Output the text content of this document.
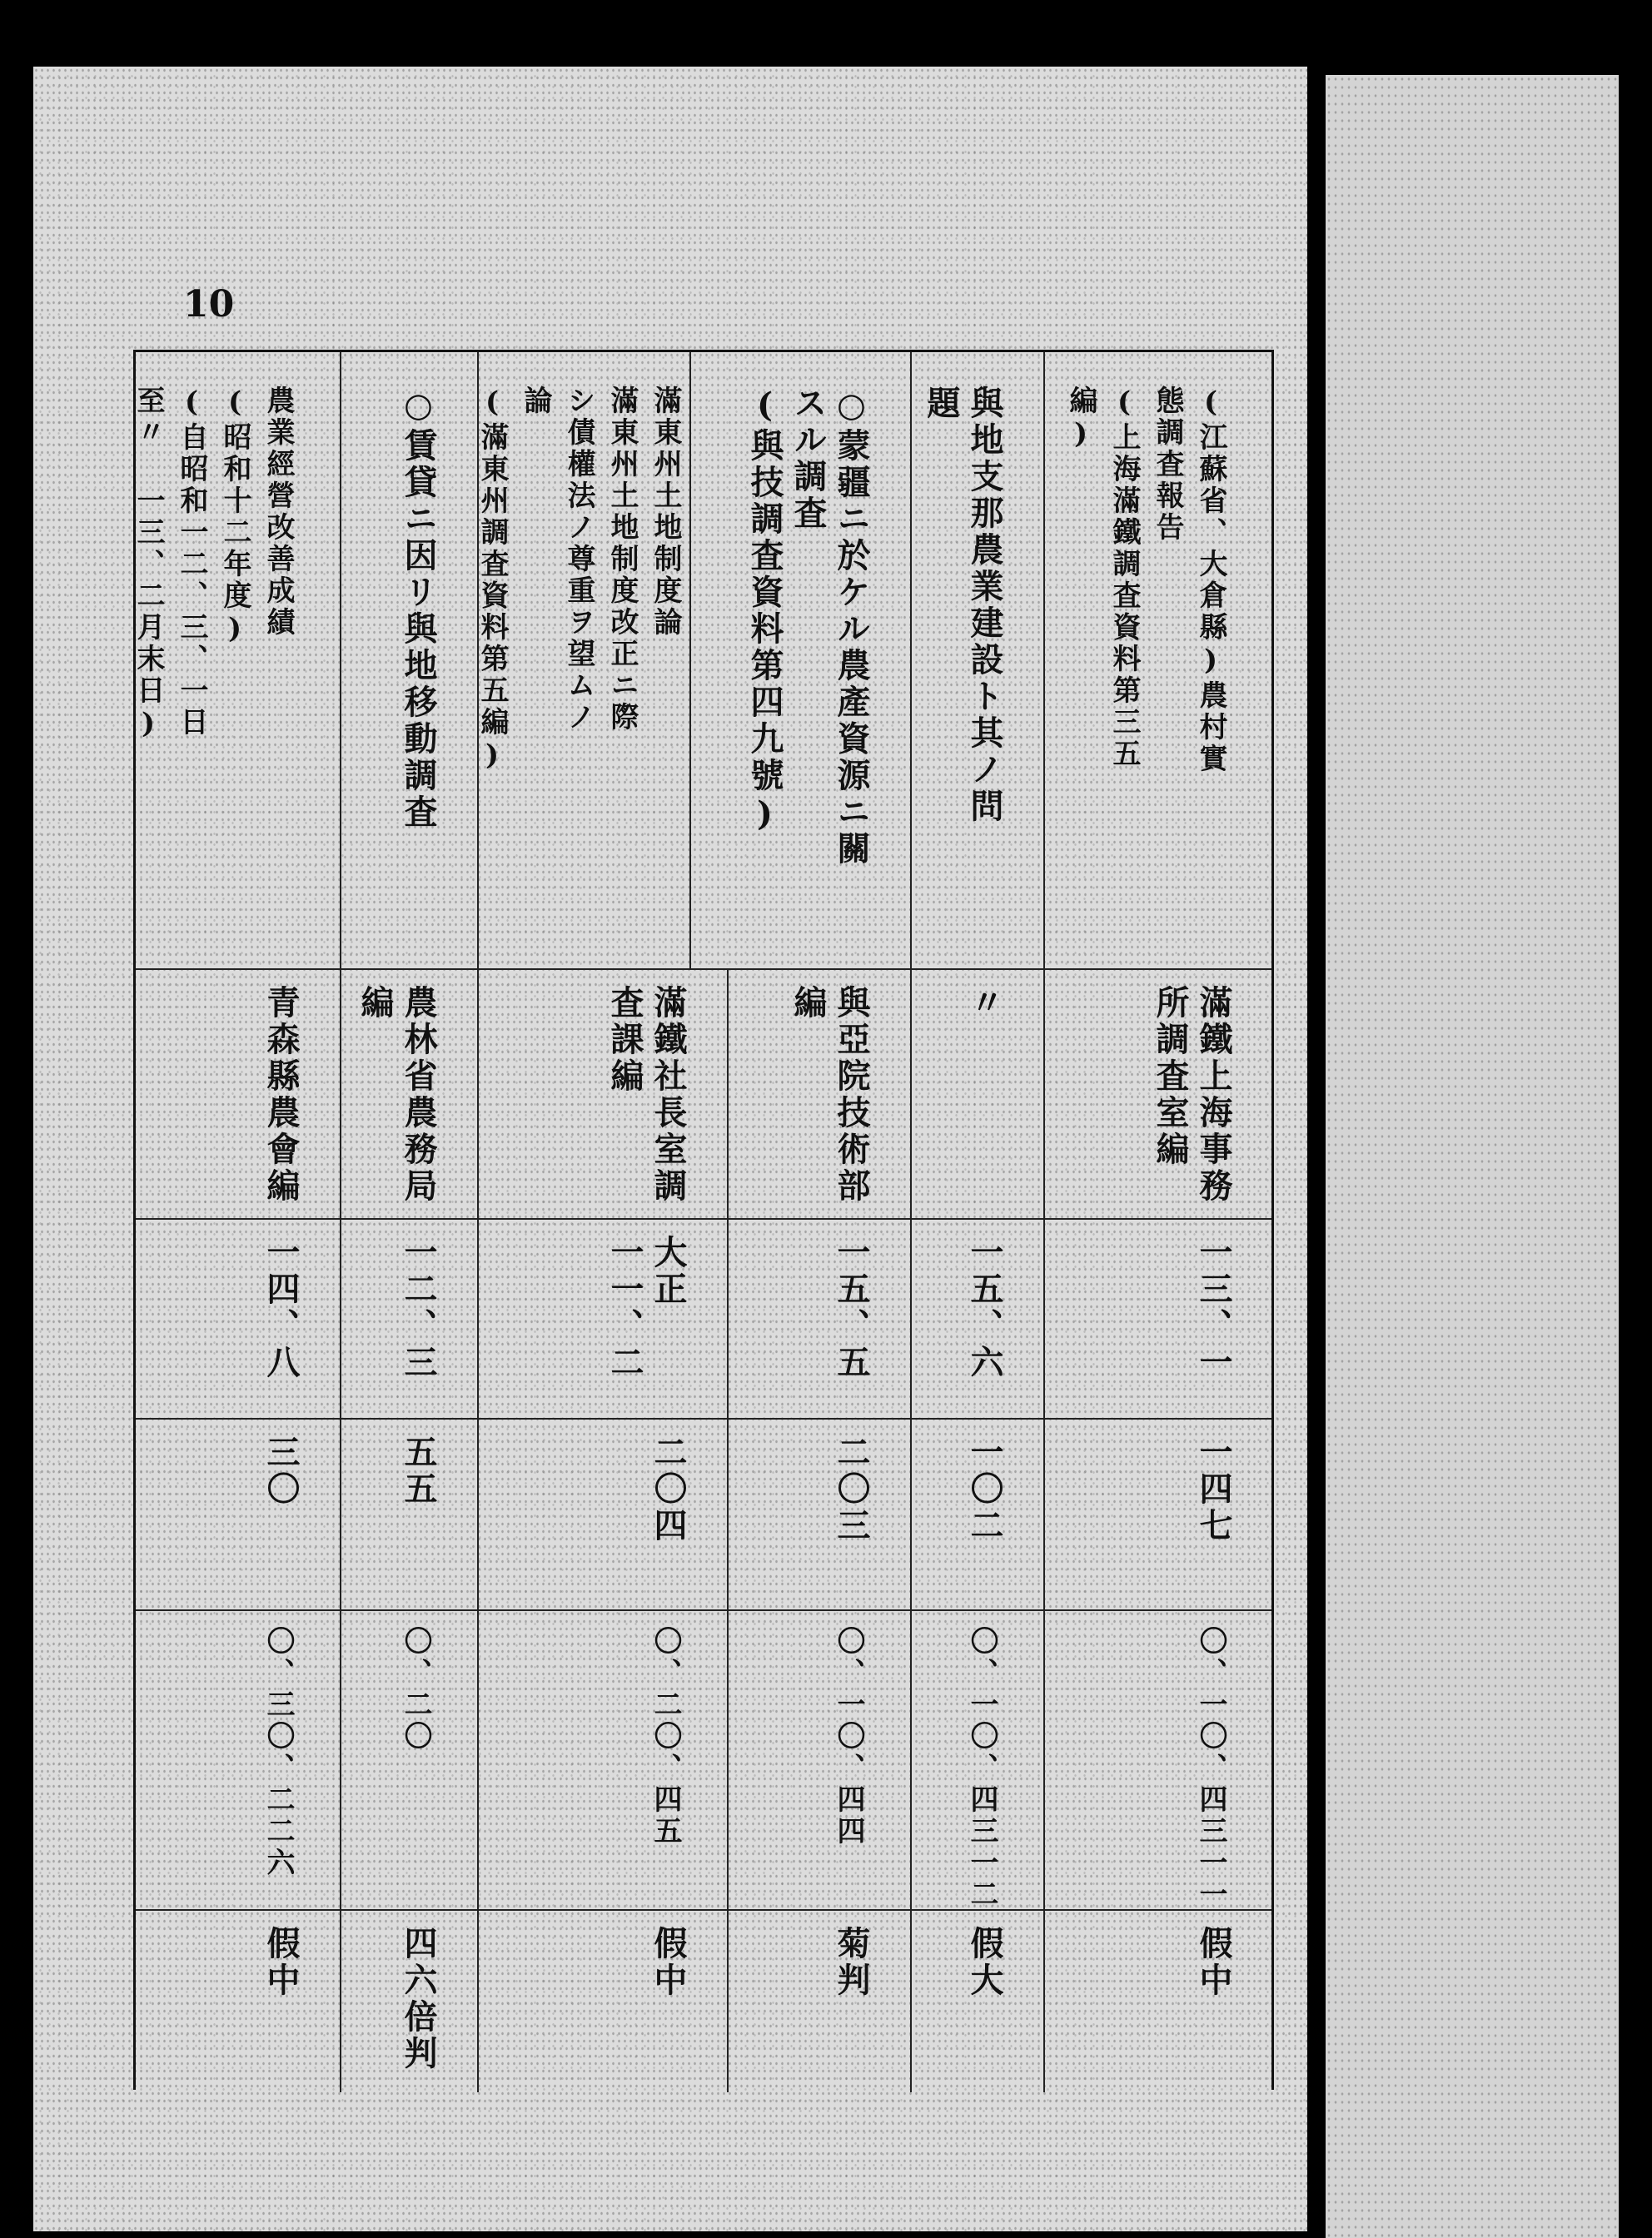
10
(江蘇省、大倉縣)農村實
態調査報告
(上海滿鐵調査資料第三五
編)
滿鐵上海事務
所調査室編
一三、一
一四七
〇、一〇、四三一一
假中
與地支那農業建設ト其ノ問
題
〃
一五、六
一〇二
〇、一〇、四三一二
假大
○蒙疆ニ於ケル農產資源ニ關
スル調査
(與技調査資料第四九號)
與亞院技術部
編
一五、五
二〇三
〇、一〇、四四
菊判
滿東州土地制度論
滿東州土地制度改正ニ際
シ債權法ノ尊重ヲ望ムノ
論
(滿東州調査資料第五編)
滿鐵社長室調
査課編
大正
一一、二
二〇四
〇、二〇、四五
假中
○賃貸ニ因リ與地移動調査
農林省農務局
編
一二、三
五五
〇、二〇
四六倍判
農業經營改善成績
(昭和十二年度)
(自昭和一二、三、一日
至〃 一三、二月末日)
青森縣農會編
一四、八
三〇
〇、三〇、二二六
假中
